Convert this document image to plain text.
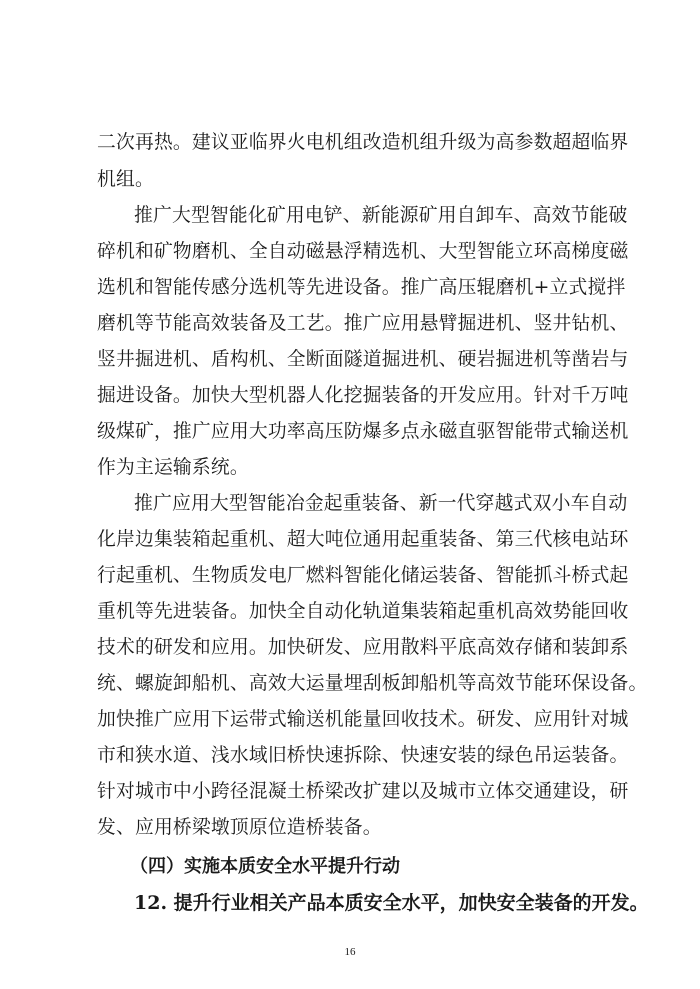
二次再热。建议亚临界火电机组改造机组升级为高参数超超临界
机组。
推广大型智能化矿用电铲、新能源矿用自卸车、高效节能破
碎机和矿物磨机、全自动磁悬浮精选机、大型智能立环高梯度磁
选机和智能传感分选机等先进设备。推广高压辊磨机+立式搅拌
磨机等节能高效装备及工艺。推广应用悬臂掘进机、竖井钻机、
竖井掘进机、盾构机、全断面隧道掘进机、硬岩掘进机等凿岩与
掘进设备。加快大型机器人化挖掘装备的开发应用。针对千万吨
级煤矿，推广应用大功率高压防爆多点永磁直驱智能带式输送机
作为主运输系统。
推广应用大型智能冶金起重装备、新一代穿越式双小车自动
化岸边集装箱起重机、超大吨位通用起重装备、第三代核电站环
行起重机、生物质发电厂燃料智能化储运装备、智能抓斗桥式起
重机等先进装备。加快全自动化轨道集装箱起重机高效势能回收
技术的研发和应用。加快研发、应用散料平底高效存储和装卸系
统、螺旋卸船机、高效大运量埋刮板卸船机等高效节能环保设备。
加快推广应用下运带式输送机能量回收技术。研发、应用针对城
市和狭水道、浅水域旧桥快速拆除、快速安装的绿色吊运装备。
针对城市中小跨径混凝土桥梁改扩建以及城市立体交通建设，研
发、应用桥梁墩顶原位造桥装备。
（四）实施本质安全水平提升行动
12. 提升行业相关产品本质安全水平，加快安全装备的开发。
16
